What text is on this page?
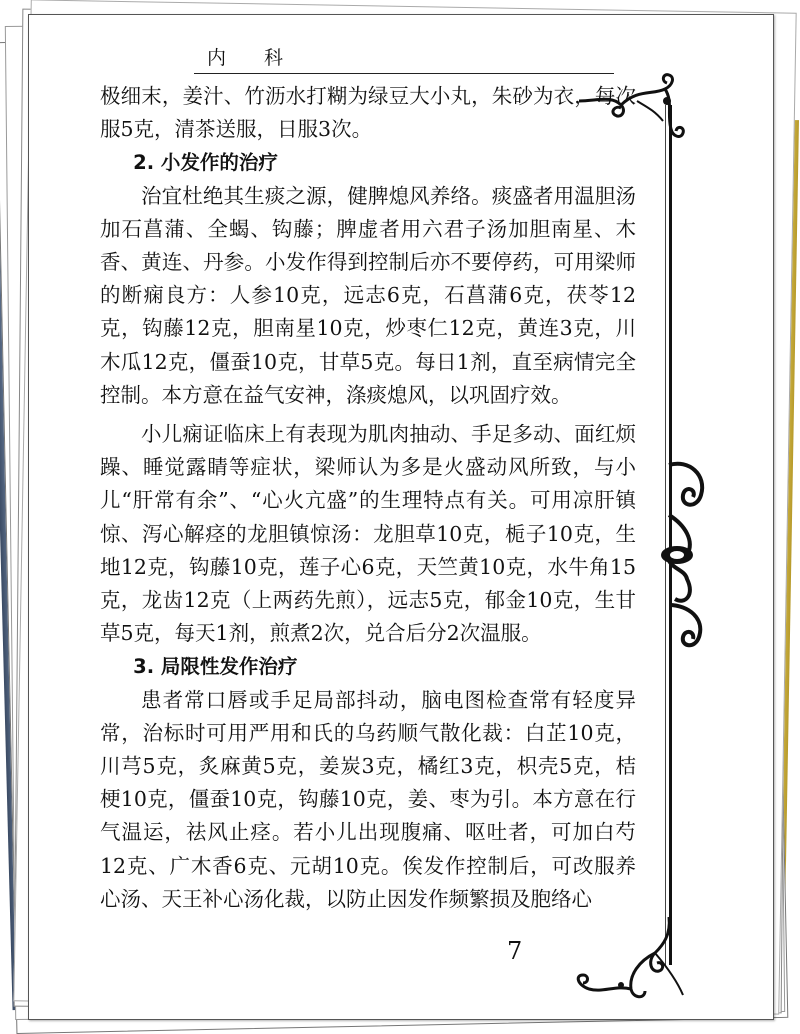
内 科
7

极细末，姜汁、竹沥水打糊为绿豆大小丸，朱砂为衣，每次服5克，清茶送服，日服3次。

2. 小发作的治疗

治宜杜绝其生痰之源，健脾熄风养络。痰盛者用温胆汤加石菖蒲、全蝎、钩藤；脾虚者用六君子汤加胆南星、木香、黄连、丹参。小发作得到控制后亦不要停药，可用梁师的断痫良方：人参10克，远志6克，石菖蒲6克，茯苓12克，钩藤12克，胆南星10克，炒枣仁12克，黄连3克，川木瓜12克，僵蚕10克，甘草5克。每日1剂，直至病情完全控制。本方意在益气安神，涤痰熄风，以巩固疗效。

小儿痫证临床上有表现为肌肉抽动、手足多动、面红烦躁、睡觉露睛等症状，梁师认为多是火盛动风所致，与小儿“肝常有余”、“心火亢盛”的生理特点有关。可用凉肝镇惊、泻心解痉的龙胆镇惊汤：龙胆草10克，栀子10克，生地12克，钩藤10克，莲子心6克，天竺黄10克，水牛角15克，龙齿12克（上两药先煎），远志5克，郁金10克，生甘草5克，每天1剂，煎煮2次，兑合后分2次温服。

3. 局限性发作治疗

患者常口唇或手足局部抖动，脑电图检查常有轻度异常，治标时可用严用和氏的乌药顺气散化裁：白芷10克，川芎5克，炙麻黄5克，姜炭3克，橘红3克，枳壳5克，桔梗10克，僵蚕10克，钩藤10克，姜、枣为引。本方意在行气温运，祛风止痉。若小儿出现腹痛、呕吐者，可加白芍12克、广木香6克、元胡10克。俟发作控制后，可改服养心汤、天王补心汤化裁，以防止因发作频繁损及胞络心
